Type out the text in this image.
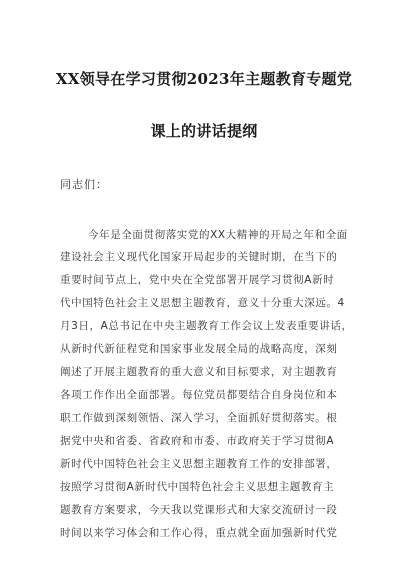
XX领导在学习贯彻2023年主题教育专题党
课上的讲话提纲
同志们：
今年是全面贯彻落实党的XX大精神的开局之年和全面
建设社会主义现代化国家开局起步的关键时期，在当下的
重要时间节点上，党中央在全党部署开展学习贯彻A新时
代中国特色社会主义思想主题教育，意义十分重大深远。4
月3日，A总书记在中央主题教育工作会议上发表重要讲话，
从新时代新征程党和国家事业发展全局的战略高度，深刻
阐述了开展主题教育的重大意义和目标要求，对主题教育
各项工作作出全面部署。每位党员都要结合自身岗位和本
职工作做到深刻领悟、深入学习，全面抓好贯彻落实。根
据党中央和省委、省政府和市委、市政府关于学习贯彻A
新时代中国特色社会主义思想主题教育工作的安排部署，
按照学习贯彻A新时代中国特色社会主义思想主题教育主
题教育方案要求，今天我以党课形式和大家交流研讨一段
时间以来学习体会和工作心得，重点就全面加强新时代党
